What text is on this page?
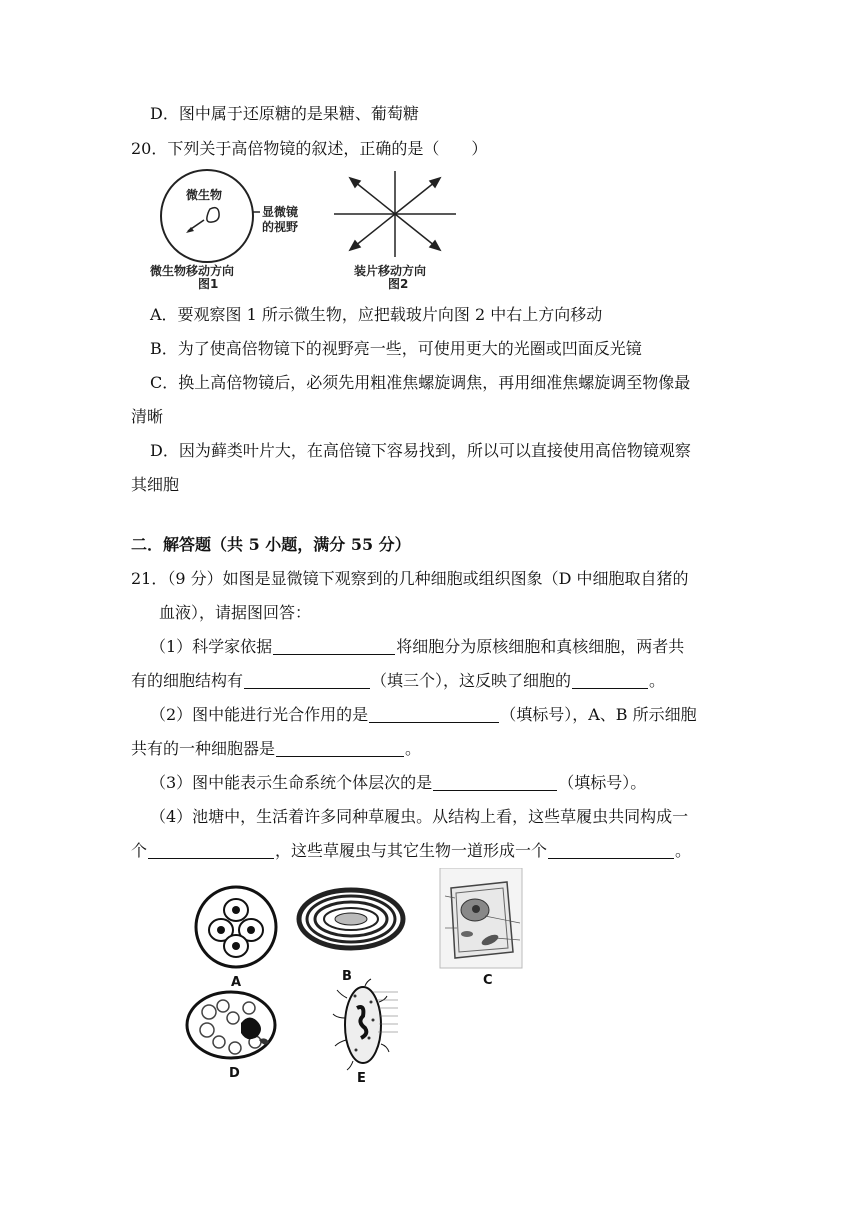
D．图中属于还原糖的是果糖、葡萄糖
20．下列关于高倍物镜的叙述，正确的是（　　）
微生物
显微镜
的视野
微生物移动方向
图1
装片移动方向
图2
A．要观察图 1 所示微生物，应把载玻片向图 2 中右上方向移动
B．为了使高倍物镜下的视野亮一些，可使用更大的光圈或凹面反光镜
C．换上高倍物镜后，必须先用粗准焦螺旋调焦，再用细准焦螺旋调至物像最
清晰
D．因为藓类叶片大，在高倍镜下容易找到，所以可以直接使用高倍物镜观察
其细胞
二．解答题（共 5 小题，满分 55 分）
21．（9 分）如图是显微镜下观察到的几种细胞或组织图象（D 中细胞取自猪的
血液），请据图回答：
（1）科学家依据	将细胞分为原核细胞和真核细胞，两者共
有的细胞结构有	（填三个），这反映了细胞的	。
（2）图中能进行光合作用的是	（填标号），A、B 所示细胞
共有的一种细胞器是	。
（3）图中能表示生命系统个体层次的是	（填标号）。
（4）池塘中，生活着许多同种草履虫。从结构上看，这些草履虫共同构成一
个	，这些草履虫与其它生物一道形成一个	。
A	B	C
D	E
